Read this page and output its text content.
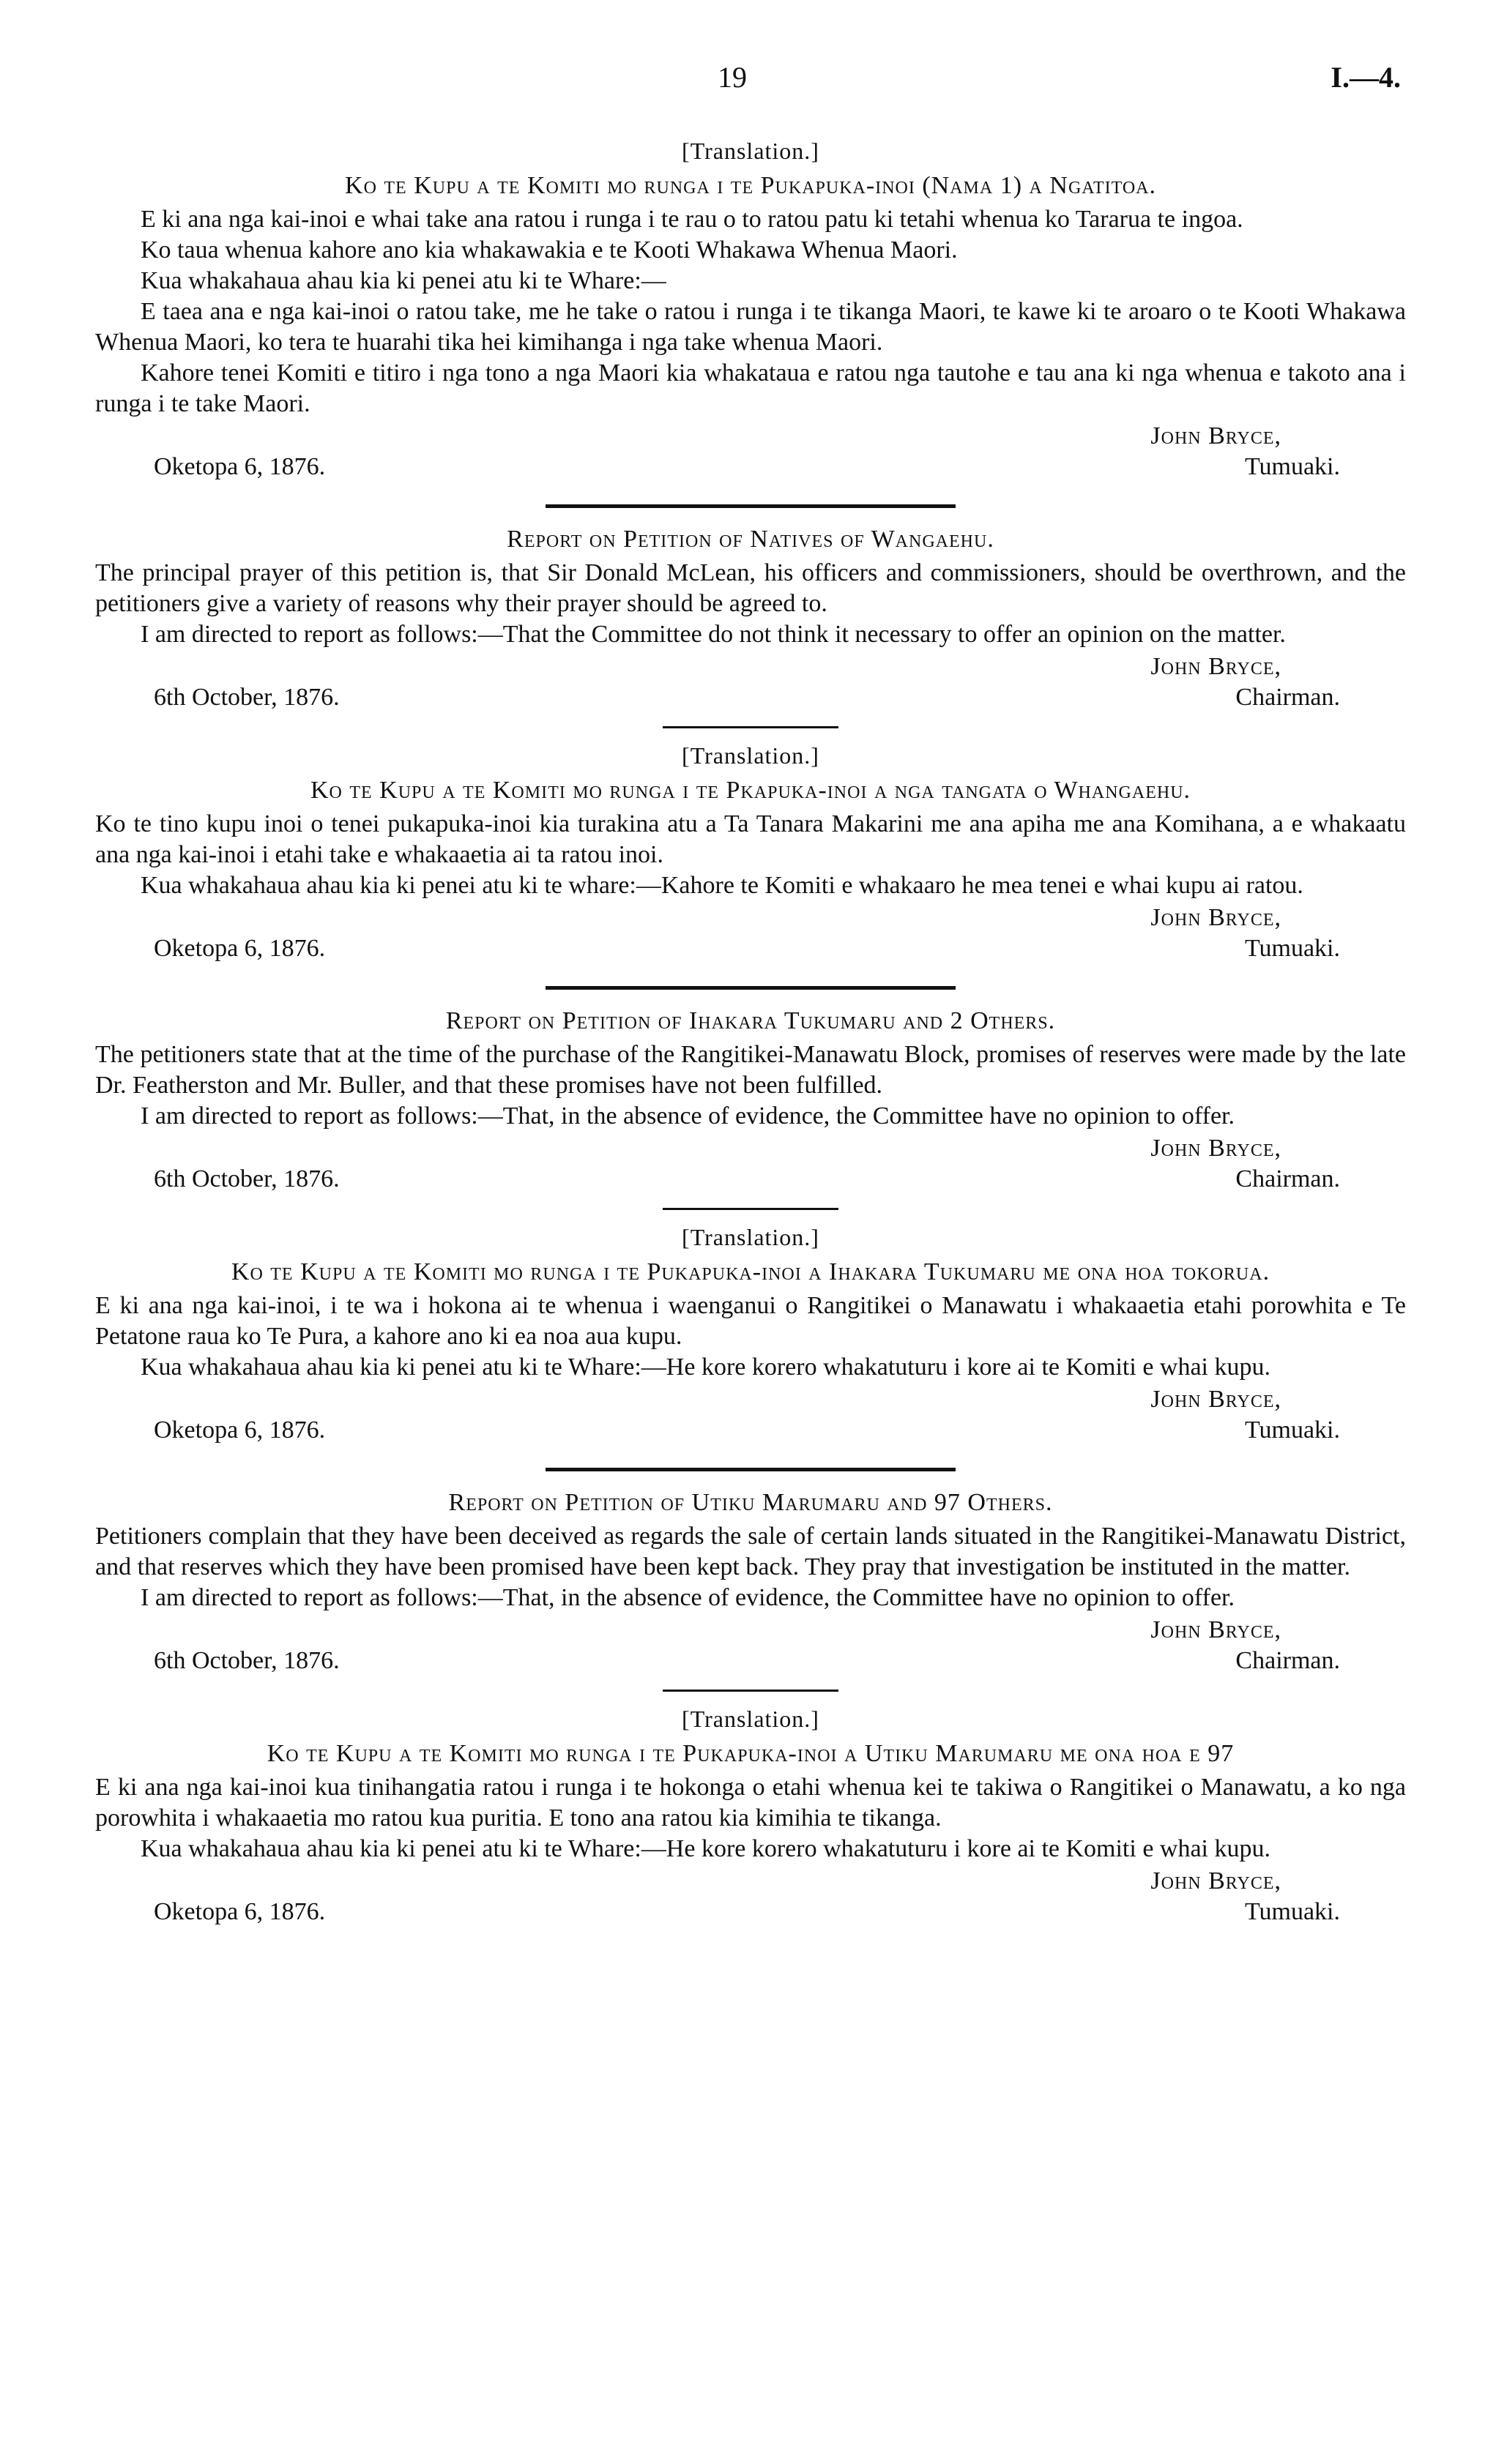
19	I.—4.

[Translation.]

Ko te Kupu a te Komiti mo runga i te Pukapuka-inoi (Nama 1) a Ngatitoa.

E ki ana nga kai-inoi e whai take ana ratou i runga i te rau o to ratou patu ki tetahi whenua ko Tararua te ingoa.

Ko taua whenua kahore ano kia whakawakia e te Kooti Whakawa Whenua Maori.

Kua whakahaua ahau kia ki penei atu ki te Whare:—

E taea ana e nga kai-inoi o ratou take, me he take o ratou i runga i te tikanga Maori, te kawe ki te aroaro o te Kooti Whakawa Whenua Maori, ko tera te huarahi tika hei kimihanga i nga take whenua Maori.

Kahore tenei Komiti e titiro i nga tono a nga Maori kia whakataua e ratou nga tautohe e tau ana ki nga whenua e takoto ana i runga i te take Maori.

John Bryce,
Tumuaki.
Oketopa 6, 1876.

Report on Petition of Natives of Wangaehu.

The principal prayer of this petition is, that Sir Donald McLean, his officers and commissioners, should be overthrown, and the petitioners give a variety of reasons why their prayer should be agreed to.

I am directed to report as follows:—That the Committee do not think it necessary to offer an opinion on the matter.

John Bryce,
Chairman.
6th October, 1876.

[Translation.]

Ko te Kupu a te Komiti mo runga i te Pkapuka-inoi a nga tangata o Whangaehu.

Ko te tino kupu inoi o tenei pukapuka-inoi kia turakina atu a Ta Tanara Makarini me ana apiha me ana Komihana, a e whakaatu ana nga kai-inoi i etahi take e whakaaetia ai ta ratou inoi.

Kua whakahaua ahau kia ki penei atu ki te whare:—Kahore te Komiti e whakaaro he mea tenei e whai kupu ai ratou.

John Bryce,
Tumuaki.
Oketopa 6, 1876.

Report on Petition of Ihakara Tukumaru and 2 Others.

The petitioners state that at the time of the purchase of the Rangitikei-Manawatu Block, promises of reserves were made by the late Dr. Featherston and Mr. Buller, and that these promises have not been fulfilled.

I am directed to report as follows:—That, in the absence of evidence, the Committee have no opinion to offer.

John Bryce,
Chairman.
6th October, 1876.

[Translation.]

Ko te Kupu a te Komiti mo runga i te Pukapuka-inoi a Ihakara Tukumaru me ona hoa tokorua.

E ki ana nga kai-inoi, i te wa i hokona ai te whenua i waenganui o Rangitikei o Manawatu i whakaaetia etahi porowhita e Te Petatone raua ko Te Pura, a kahore ano ki ea noa aua kupu.

Kua whakahaua ahau kia ki penei atu ki te Whare:—He kore korero whakatuturu i kore ai te Komiti e whai kupu.

John Bryce,
Tumuaki.
Oketopa 6, 1876.

Report on Petition of Utiku Marumaru and 97 Others.

Petitioners complain that they have been deceived as regards the sale of certain lands situated in the Rangitikei-Manawatu District, and that reserves which they have been promised have been kept back. They pray that investigation be instituted in the matter.

I am directed to report as follows:—That, in the absence of evidence, the Committee have no opinion to offer.

John Bryce,
Chairman.
6th October, 1876.

[Translation.]

Ko te Kupu a te Komiti mo runga i te Pukapuka-inoi a Utiku Marumaru me ona hoa e 97

E ki ana nga kai-inoi kua tinihangatia ratou i runga i te hokonga o etahi whenua kei te takiwa o Rangitikei o Manawatu, a ko nga porowhita i whakaaetia mo ratou kua puritia. E tono ana ratou kia kimihia te tikanga.

Kua whakahaua ahau kia ki penei atu ki te Whare:—He kore korero whakatuturu i kore ai te Komiti e whai kupu.

John Bryce,
Tumuaki.
Oketopa 6, 1876.
